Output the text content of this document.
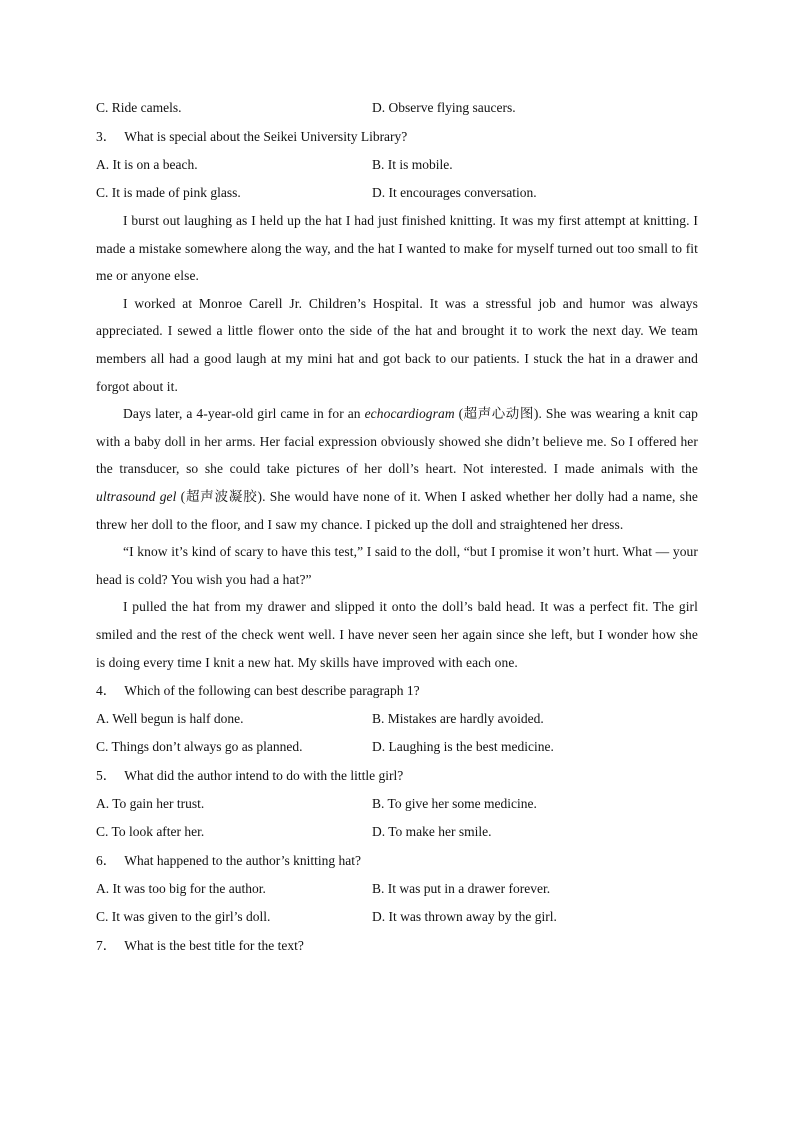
C. Ride camels.	D. Observe flying saucers.
3． What is special about the Seikei University Library?
A. It is on a beach.	B. It is mobile.
C. It is made of pink glass.	D. It encourages conversation.

I burst out laughing as I held up the hat I had just finished knitting. It was my first attempt at knitting. I made a mistake somewhere along the way, and the hat I wanted to make for myself turned out too small to fit me or anyone else.

I worked at Monroe Carell Jr. Children’s Hospital. It was a stressful job and humor was always appreciated. I sewed a little flower onto the side of the hat and brought it to work the next day. We team members all had a good laugh at my mini hat and got back to our patients. I stuck the hat in a drawer and forgot about it.

Days later, a 4-year-old girl came in for an echocardiogram (超声心动图). She was wearing a knit cap with a baby doll in her arms. Her facial expression obviously showed she didn’t believe me. So I offered her the transducer, so she could take pictures of her doll’s heart. Not interested. I made animals with the ultrasound gel (超声波凝胶). She would have none of it. When I asked whether her dolly had a name, she threw her doll to the floor, and I saw my chance. I picked up the doll and straightened her dress.

“I know it’s kind of scary to have this test,” I said to the doll, “but I promise it won’t hurt. What — your head is cold? You wish you had a hat?”

I pulled the hat from my drawer and slipped it onto the doll’s bald head. It was a perfect fit. The girl smiled and the rest of the check went well. I have never seen her again since she left, but I wonder how she is doing every time I knit a new hat. My skills have improved with each one.

4． Which of the following can best describe paragraph 1?
A. Well begun is half done.	B. Mistakes are hardly avoided.
C. Things don’t always go as planned.	D. Laughing is the best medicine.
5． What did the author intend to do with the little girl?
A. To gain her trust.	B. To give her some medicine.
C. To look after her.	D. To make her smile.
6． What happened to the author’s knitting hat?
A. It was too big for the author.	B. It was put in a drawer forever.
C. It was given to the girl’s doll.	D. It was thrown away by the girl.
7． What is the best title for the text?
